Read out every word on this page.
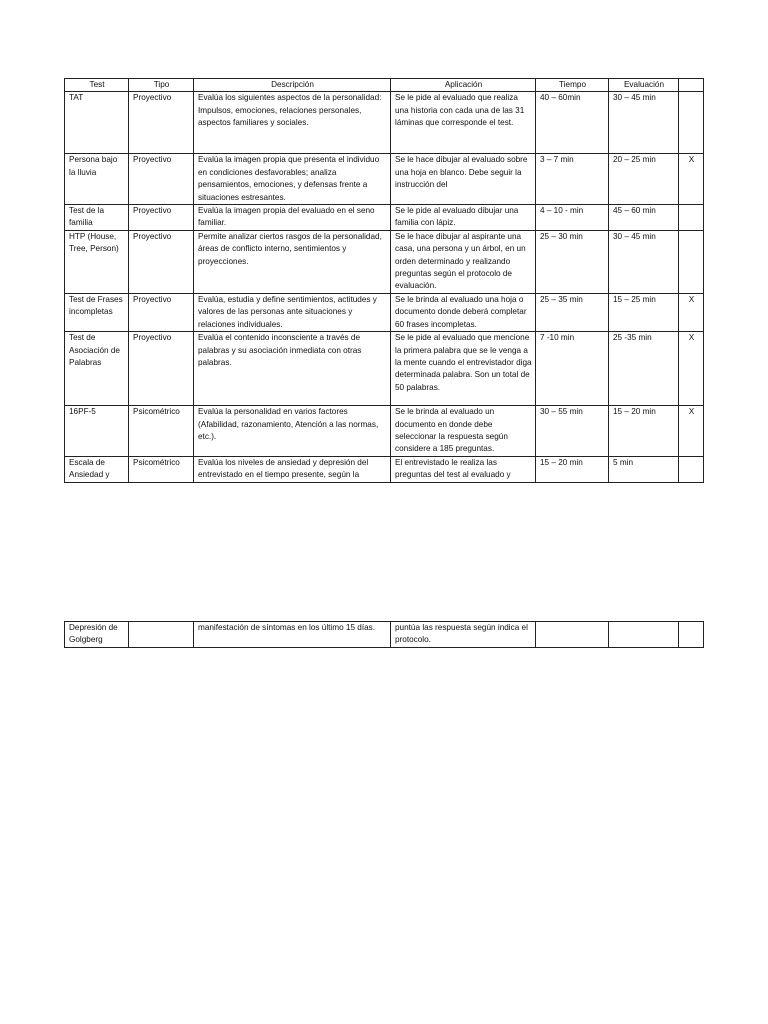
Test	Tipo	Descripción	Aplicación	Tiempo	Evaluación	
TAT	Proyectivo	Evalúa los siguientes aspectos de la personalidad: Impulsos, emociones, relaciones personales, aspectos familiares y sociales.	Se le pide al evaluado que realiza una historia con cada una de las 31 láminas que corresponde el test.	40 – 60min	30 – 45 min	
Persona bajo la lluvia	Proyectivo	Evalúa la imagen propia que presenta el individuo en condiciones desfavorables; analiza pensamientos, emociones, y defensas frente a situaciones estresantes.	Se le hace dibujar al evaluado sobre una hoja en blanco. Debe seguir la instrucción del	3 – 7 min	20 – 25 min	X
Test de la familia	Proyectivo	Evalúa la imagen propia del evaluado en el seno familiar.	Se le pide al evaluado dibujar una familia con lápiz.	4 – 10 - min	45 – 60 min	
HTP (House, Tree, Person)	Proyectivo	Permite analizar ciertos rasgos de la personalidad, áreas de conflicto interno, sentimientos y proyecciones.	Se le hace dibujar al aspirante una casa, una persona y un árbol, en un orden determinado y realizando preguntas según el protocolo de evaluación.	25 – 30 min	30 – 45 min	
Test de Frases incompletas	Proyectivo	Evalúa, estudia y define sentimientos, actitudes y valores de las personas ante situaciones y relaciones individuales.	Se le brinda al evaluado una hoja o documento donde deberá completar 60 frases incompletas.	25 – 35 min	15 – 25 min	X
Test de Asociación de Palabras	Proyectivo	Evalúa el contenido inconsciente a través de palabras y su asociación inmediata con otras palabras.	Se le pide al evaluado que mencione la primera palabra que se le venga a la mente cuando el entrevistador diga determinada palabra. Son un total de 50 palabras.	7 -10 min	25 -35 min	X
16PF-5	Psicométrico	Evalúa la personalidad en varios factores (Afabilidad, razonamiento, Atención a las normas, etc.).	Se le brinda al evaluado un documento en donde debe seleccionar la respuesta según considere a 185 preguntas.	30 – 55 min	15 – 20 min	X

Escala de Ansiedad y	Psicométrico	Evalúa los niveles de ansiedad y depresión del entrevistado en el tiempo presente, según la	El entrevistado le realiza las preguntas del test al evaluado y	15 – 20 min	5 min	
Depresión de Golgberg		manifestación de síntomas en los último 15 días.	puntúa las respuesta según indica el protocolo.			
